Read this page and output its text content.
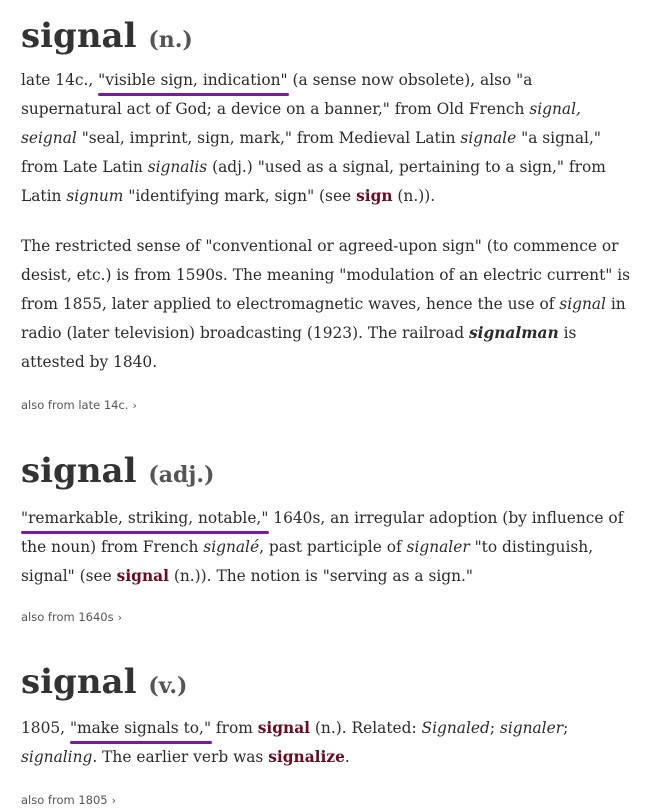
signal (n.)

late 14c., "visible sign, indication" (a sense now obsolete), also "a supernatural act of God; a device on a banner," from Old French signal, seignal "seal, imprint, sign, mark," from Medieval Latin signale "a signal," from Late Latin signalis (adj.) "used as a signal, pertaining to a sign," from Latin signum "identifying mark, sign" (see sign (n.)).

The restricted sense of "conventional or agreed-upon sign" (to commence or desist, etc.) is from 1590s. The meaning "modulation of an electric current" is from 1855, later applied to electromagnetic waves, hence the use of signal in radio (later television) broadcasting (1923). The railroad signalman is attested by 1840.

also from late 14c. ›

signal (adj.)

"remarkable, striking, notable," 1640s, an irregular adoption (by influence of the noun) from French signalé, past participle of signaler "to distinguish, signal" (see signal (n.)). The notion is "serving as a sign."

also from 1640s ›

signal (v.)

1805, "make signals to," from signal (n.). Related: Signaled; signaler; signaling. The earlier verb was signalize.

also from 1805 ›
